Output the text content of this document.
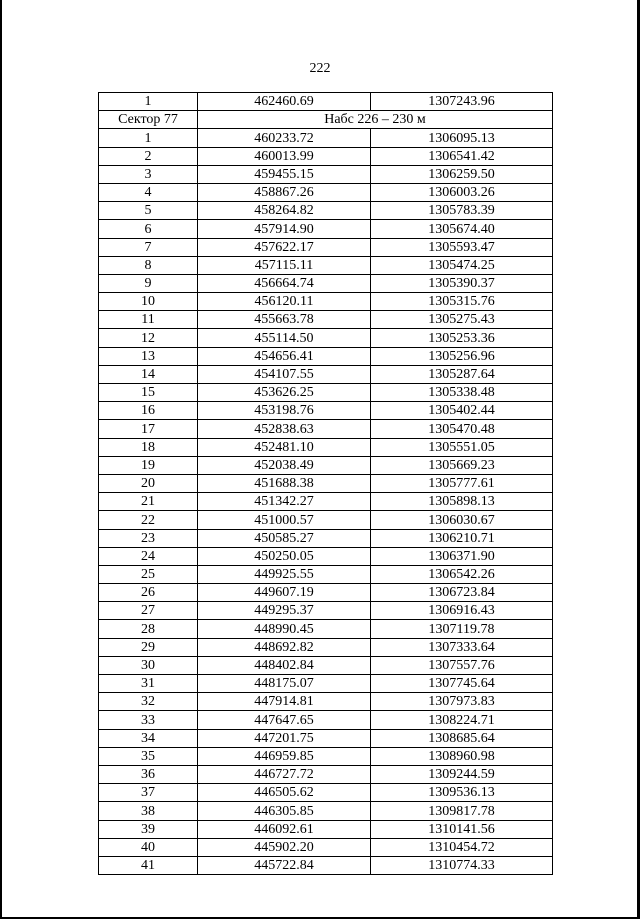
222
1	462460.69	1307243.96
Сектор 77	Набс 226 – 230 м	
1	460233.72	1306095.13
2	460013.99	1306541.42
3	459455.15	1306259.50
4	458867.26	1306003.26
5	458264.82	1305783.39
6	457914.90	1305674.40
7	457622.17	1305593.47
8	457115.11	1305474.25
9	456664.74	1305390.37
10	456120.11	1305315.76
11	455663.78	1305275.43
12	455114.50	1305253.36
13	454656.41	1305256.96
14	454107.55	1305287.64
15	453626.25	1305338.48
16	453198.76	1305402.44
17	452838.63	1305470.48
18	452481.10	1305551.05
19	452038.49	1305669.23
20	451688.38	1305777.61
21	451342.27	1305898.13
22	451000.57	1306030.67
23	450585.27	1306210.71
24	450250.05	1306371.90
25	449925.55	1306542.26
26	449607.19	1306723.84
27	449295.37	1306916.43
28	448990.45	1307119.78
29	448692.82	1307333.64
30	448402.84	1307557.76
31	448175.07	1307745.64
32	447914.81	1307973.83
33	447647.65	1308224.71
34	447201.75	1308685.64
35	446959.85	1308960.98
36	446727.72	1309244.59
37	446505.62	1309536.13
38	446305.85	1309817.78
39	446092.61	1310141.56
40	445902.20	1310454.72
41	445722.84	1310774.33
